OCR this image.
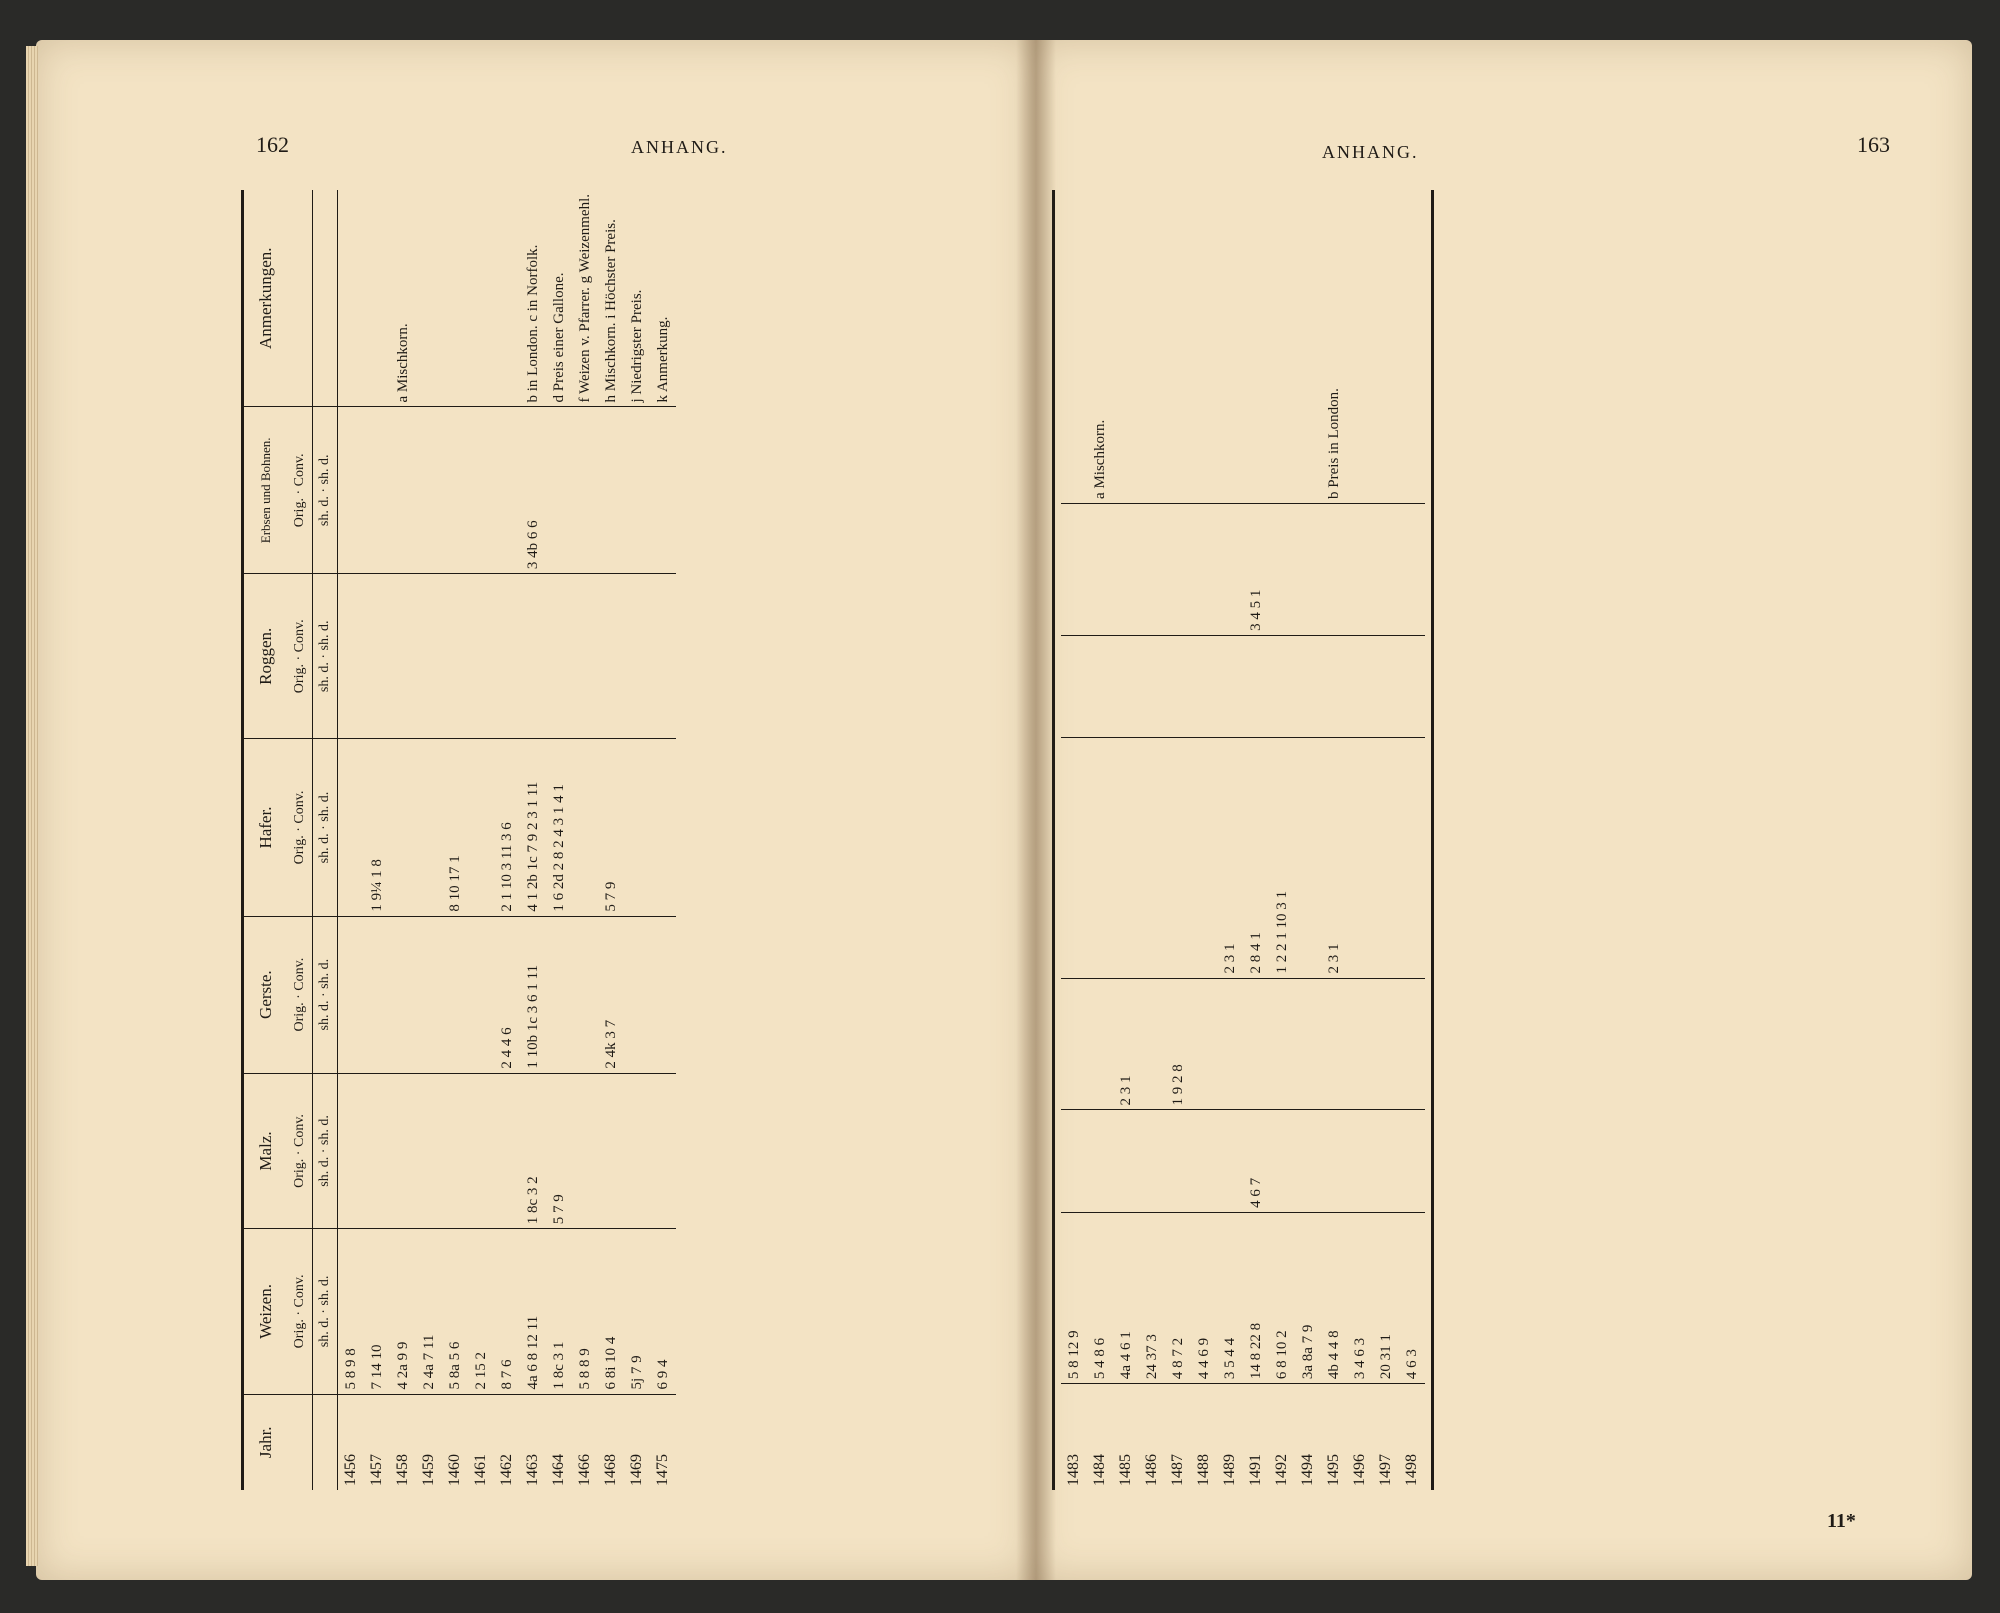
162	ANHANG.
Jahr.	Weizen.	Malz.	Gerste.	Hafer.	Roggen.	Erbsen und Bohnen.	Anmerkungen.
	Orig. · Conv.	Orig. · Conv.	Orig. · Conv.	Orig. · Conv.	Orig. · Conv.	Orig. · Conv.	
	sh. d. · sh. d.	sh. d. · sh. d.	sh. d. · sh. d.	sh. d. · sh. d.	sh. d. · sh. d.	sh. d. · sh. d.	
1456	5 8 9 8						
1457	7 14 10			1 9¼ 1 8			
1458	4 2a 9 9						a Mischkorn.
1459	2 4a 7 11						
1460	5 8a 5 6			8 10 17 1			
1461	2 15 2						
1462	8 7 6		2 4 4 6	2 1 10 3 11 3 6			
1463	4a 6 8 12 11	1 8c 3 2	1 10b 1c 3 6 1 11	4 1 2b 1c 7 9 2 3 1 11		3 4b 6 6	b in London. c in Norfolk.
1464	1 8c 3 1	5 7 9		1 6 2d 2 8 2 4 3 1 4 1			d Preis einer Gallone.
1466	5 8 8 9						f Weizen v. Pfarrer. g Weizenmehl.
1468	6 8i 10 4		2 4k 3 7	5 7 9			h Mischkorn. i Höchster Preis.
1469	5j 7 9						j Niedrigster Preis.
1475	6 9 4						k Anmerkung.
ANHANG.	163

1483	5 8 12 9						
1484	5 4 8 6						a Mischkorn.
1485	4a 4 6 1		2 3 1				
1486	24 37 3						
1487	4 8 7 2		1 9 2 8				
1488	4 4 6 9						
1489	3 5 4 4			2 3 1			
1491	14 8 22 8	4 6 7		2 8 4 1		3 4 5 1	
1492	6 8 10 2			1 2 2 1 10 3 1			
1494	3a 8a 7 9						
1495	4b 4 4 8			2 3 1			b Preis in London.
1496	3 4 6 3						
1497	20 31 1						
1498	4 6 3						

11*
